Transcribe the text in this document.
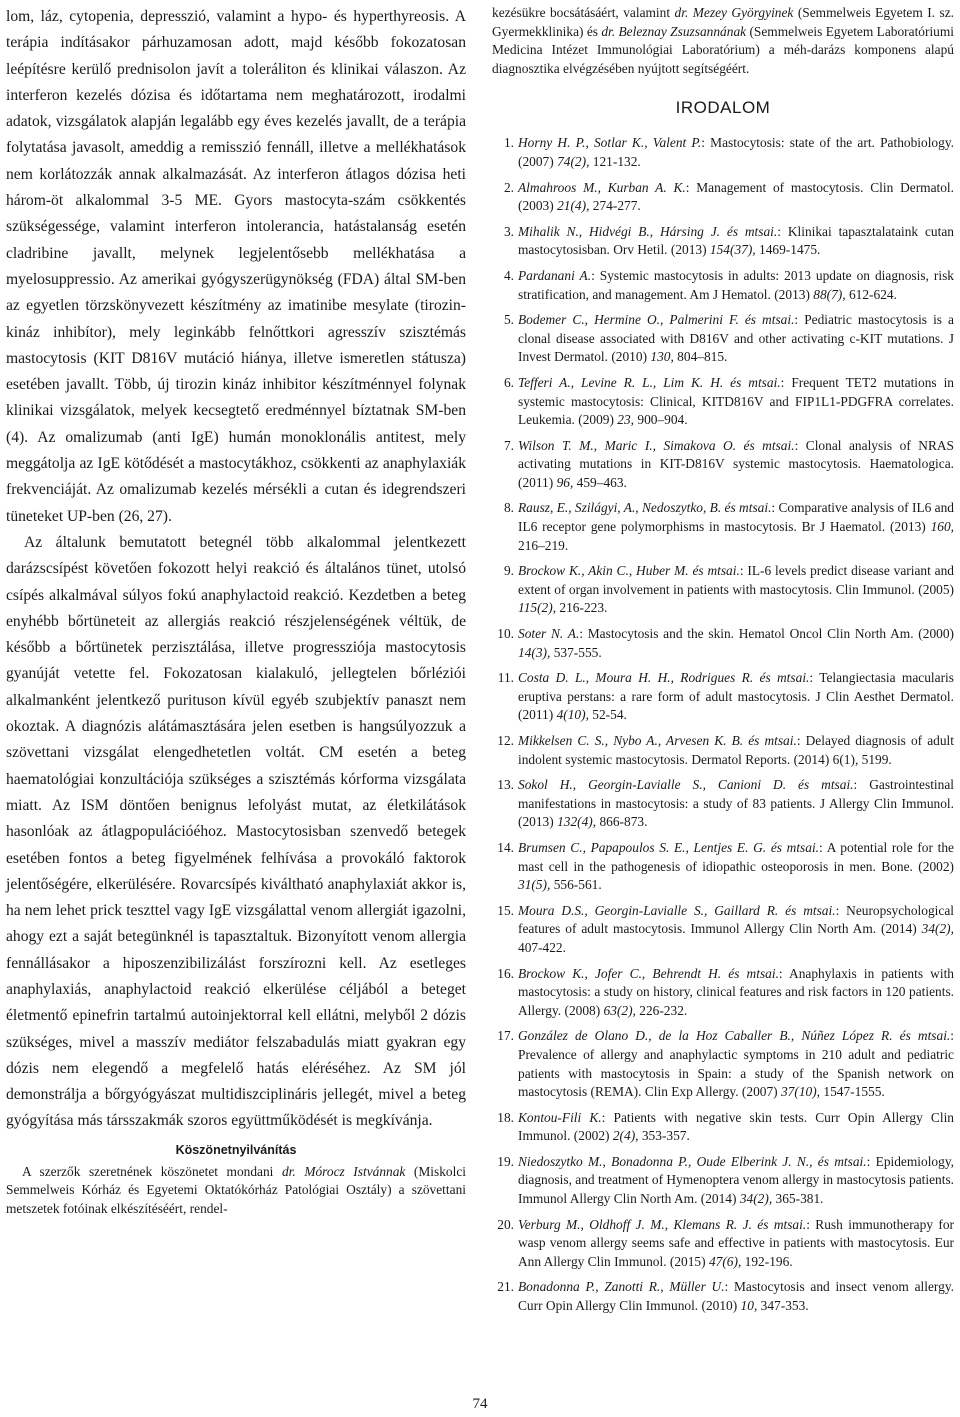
lom, láz, cytopenia, depresszió, valamint a hypo- és hyperthyreosis. A terápia indításakor párhuzamosan adott, majd később fokozatosan leépítésre kerülő prednisolon javít a toleráliton és klinikai válaszon. Az interferon kezelés dózisa és időtartama nem meghatározott, irodalmi adatok, vizsgálatok alapján legalább egy éves kezelés javallt, de a terápia folytatása javasolt, ameddig a remisszió fennáll, illetve a mellékhatások nem korlátozzák annak alkalmazását. Az interferon átlagos dózisa heti három-öt alkalommal 3-5 ME. Gyors mastocyta-szám csökkentés szükségessége, valamint interferon intolerancia, hatástalanság esetén cladribine javallt, melynek legjelentősebb mellékhatása a myelosuppressio. Az amerikai gyógyszerügynökség (FDA) által SM-ben az egyetlen törzskönyvezett készítmény az imatinibe mesylate (tirozin-kináz inhibítor), mely leginkább felnőttkori agresszív szisztémás mastocytosis (KIT D816V mutáció hiánya, illetve ismeretlen státusza) esetében javallt. Több, új tirozin kináz inhibitor készítménnyel folynak klinikai vizsgálatok, melyek kecsegtető eredménnyel bíztatnak SM-ben (4). Az omalizumab (anti IgE) humán monoklonális antitest, mely meggátolja az IgE kötődését a mastocytákhoz, csökkenti az anaphylaxiák frekvenciáját. Az omalizumab kezelés mérsékli a cutan és idegrendszeri tüneteket UP-ben (26, 27).

Az általunk bemutatott betegnél több alkalommal jelentkezett darázscsípést követően fokozott helyi reakció és általános tünet, utolsó csípés alkalmával súlyos fokú anaphylactoid reakció. Kezdetben a beteg enyhébb bőrtüneteit az allergiás reakció részjelenségének véltük, de később a bőrtünetek perzisztálása, illetve progressziója mastocytosis gyanúját vetette fel. Fokozatosan kialakuló, jellegtelen bőrléziói alkalmanként jelentkező purituson kívül egyéb szubjektív panaszt nem okoztak. A diagnózis alátámasztására jelen esetben is hangsúlyozzuk a szövettani vizsgálat elengedhetetlen voltát. CM esetén a beteg haematológiai konzultációja szükséges a szisztémás kórforma vizsgálata miatt. Az ISM döntően benignus lefolyást mutat, az életkilátások hasonlóak az átlagpopulációéhoz. Mastocytosisban szenvedő betegek esetében fontos a beteg figyelmének felhívása a provokáló faktorok jelentőségére, elkerülésére. Rovarcsípés kiváltható anaphylaxiát akkor is, ha nem lehet prick teszttel vagy IgE vizsgálattal venom allergiát igazolni, ahogy ezt a saját betegünknél is tapasztaltuk. Bizonyított venom allergia fennállásakor a hiposzenzibilizálást forszírozni kell. Az esetleges anaphylaxiás, anaphylactoid reakció elkerülése céljából a beteget életmentő epinefrin tartalmú autoinjektorral kell ellátni, melyből 2 dózis szükséges, mivel a masszív mediátor felszabadulás miatt gyakran egy dózis nem elegendő a megfelelő hatás eléréséhez. Az SM jól demonstrálja a bőrgyógyászat multidiszciplináris jellegét, mivel a beteg gyógyítása más társszakmák szoros együttműködését is megkívánja.

Köszönetnyilvánítás

A szerzők szeretnének köszönetet mondani dr. Mórocz Istvánnak (Miskolci Semmelweis Kórház és Egyetemi Oktatókórház Patológiai Osztály) a szövettani metszetek fotóinak elkészítéséért, rendel-

kezésükre bocsátásáért, valamint dr. Mezey Györgyinek (Semmelweis Egyetem I. sz. Gyermekklinika) és dr. Beleznay Zsuzsannának (Semmelweis Egyetem Laboratóriumi Medicina Intézet Immunológiai Laboratórium) a méh-darázs komponens alapú diagnosztika elvégzésében nyújtott segítségéért.

IRODALOM
1. Horny H. P., Sotlar K., Valent P.: Mastocytosis: state of the art. Pathobiology. (2007) 74(2), 121-132.
2. Almahroos M., Kurban A. K.: Management of mastocytosis. Clin Dermatol. (2003) 21(4), 274-277.
3. Mihalik N., Hidvégi B., Hársing J. és mtsai.: Klinikai tapasztalataink cutan mastocytosisban. Orv Hetil. (2013) 154(37), 1469-1475.
4. Pardanani A.: Systemic mastocytosis in adults: 2013 update on diagnosis, risk stratification, and management. Am J Hematol. (2013) 88(7), 612-624.
5. Bodemer C., Hermine O., Palmerini F. és mtsai.: Pediatric mastocytosis is a clonal disease associated with D816V and other activating c-KIT mutations. J Invest Dermatol. (2010) 130, 804–815.
6. Tefferi A., Levine R. L., Lim K. H. és mtsai.: Frequent TET2 mutations in systemic mastocytosis: Clinical, KITD816V and FIP1L1-PDGFRA correlates. Leukemia. (2009) 23, 900–904.
7. Wilson T. M., Maric I., Simakova O. és mtsai.: Clonal analysis of NRAS activating mutations in KIT-D816V systemic mastocytosis. Haematologica. (2011) 96, 459–463.
8. Rausz, E., Szilágyi, A., Nedoszytko, B. és mtsai.: Comparative analysis of IL6 and IL6 receptor gene polymorphisms in mastocytosis. Br J Haematol. (2013) 160, 216–219.
9. Brockow K., Akin C., Huber M. és mtsai.: IL-6 levels predict disease variant and extent of organ involvement in patients with mastocytosis. Clin Immunol. (2005) 115(2), 216-223.
10. Soter N. A.: Mastocytosis and the skin. Hematol Oncol Clin North Am. (2000) 14(3), 537-555.
11. Costa D. L., Moura H. H., Rodrigues R. és mtsai.: Telangiectasia macularis eruptiva perstans: a rare form of adult mastocytosis. J Clin Aesthet Dermatol. (2011) 4(10), 52-54.
12. Mikkelsen C. S., Nybo A., Arvesen K. B. és mtsai.: Delayed diagnosis of adult indolent systemic mastocytosis. Dermatol Reports. (2014) 6(1), 5199.
13. Sokol H., Georgin-Lavialle S., Canioni D. és mtsai.: Gastrointestinal manifestations in mastocytosis: a study of 83 patients. J Allergy Clin Immunol. (2013) 132(4), 866-873.
14. Brumsen C., Papapoulos S. E., Lentjes E. G. és mtsai.: A potential role for the mast cell in the pathogenesis of idiopathic osteoporosis in men. Bone. (2002) 31(5), 556-561.
15. Moura D.S., Georgin-Lavialle S., Gaillard R. és mtsai.: Neuropsychological features of adult mastocytosis. Immunol Allergy Clin North Am. (2014) 34(2), 407-422.
16. Brockow K., Jofer C., Behrendt H. és mtsai.: Anaphylaxis in patients with mastocytosis: a study on history, clinical features and risk factors in 120 patients. Allergy. (2008) 63(2), 226-232.
17. González de Olano D., de la Hoz Caballer B., Núñez López R. és mtsai.: Prevalence of allergy and anaphylactic symptoms in 210 adult and pediatric patients with mastocytosis in Spain: a study of the Spanish network on mastocytosis (REMA). Clin Exp Allergy. (2007) 37(10), 1547-1555.
18. Kontou-Fili K.: Patients with negative skin tests. Curr Opin Allergy Clin Immunol. (2002) 2(4), 353-357.
19. Niedoszytko M., Bonadonna P., Oude Elberink J. N., és mtsai.: Epidemiology, diagnosis, and treatment of Hymenoptera venom allergy in mastocytosis patients. Immunol Allergy Clin North Am. (2014) 34(2), 365-381.
20. Verburg M., Oldhoff J. M., Klemans R. J. és mtsai.: Rush immunotherapy for wasp venom allergy seems safe and effective in patients with mastocytosis. Eur Ann Allergy Clin Immunol. (2015) 47(6), 192-196.
21. Bonadonna P., Zanotti R., Müller U.: Mastocytosis and insect venom allergy. Curr Opin Allergy Clin Immunol. (2010) 10, 347-353.
74
